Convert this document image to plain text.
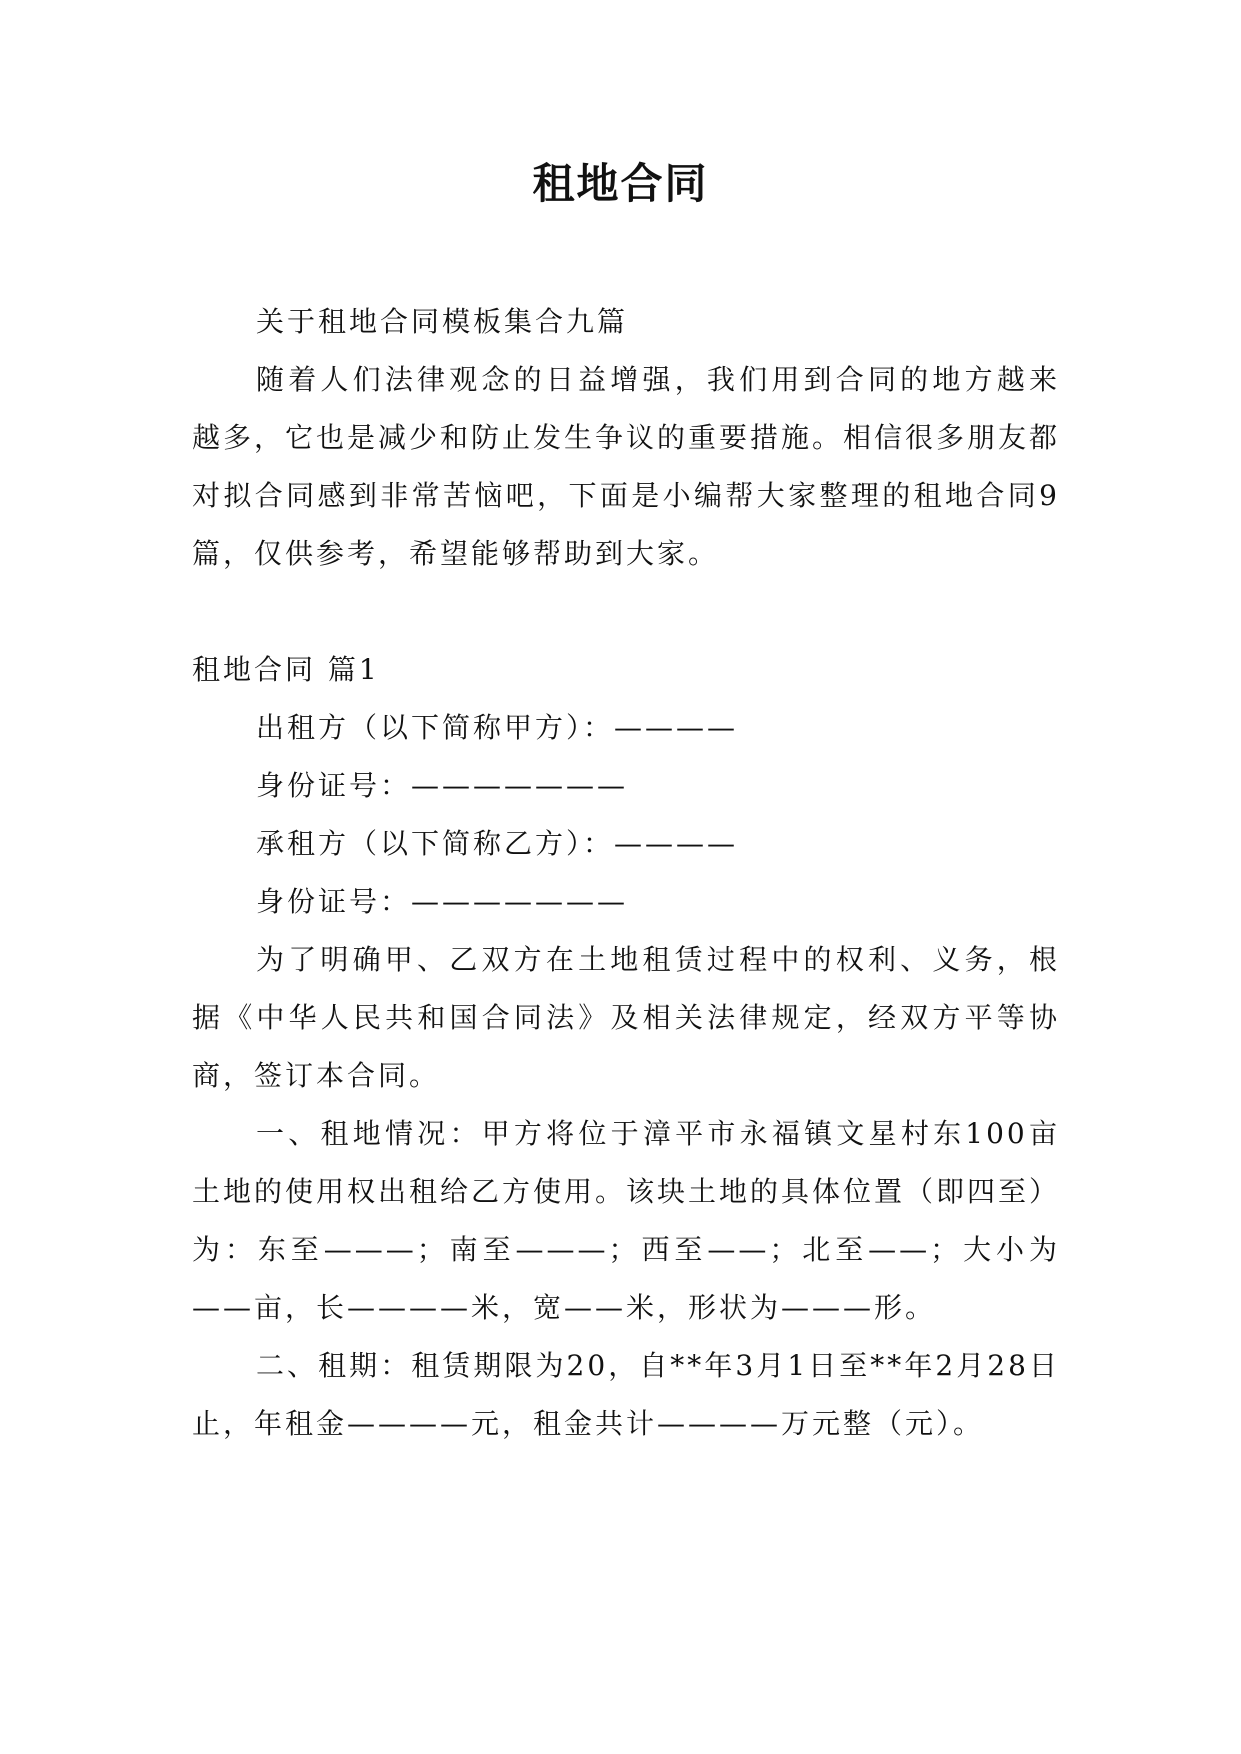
租地合同

关于租地合同模板集合九篇

随着人们法律观念的日益增强，我们用到合同的地方越来越多，它也是减少和防止发生争议的重要措施。相信很多朋友都对拟合同感到非常苦恼吧，下面是小编帮大家整理的租地合同9篇，仅供参考，希望能够帮助到大家。

租地合同 篇1

出租方（以下简称甲方）：————

身份证号：———————

承租方（以下简称乙方）：————

身份证号：———————

为了明确甲、乙双方在土地租赁过程中的权利、义务，根据《中华人民共和国合同法》及相关法律规定，经双方平等协商，签订本合同。

一、租地情况：甲方将位于漳平市永福镇文星村东100亩土地的使用权出租给乙方使用。该块土地的具体位置（即四至）为：东至———；南至———；西至——；北至——；大小为——亩，长————米，宽——米，形状为———形。

二、租期：租赁期限为20，自**年3月1日至**年2月28日止，年租金————元，租金共计————万元整（元）。
